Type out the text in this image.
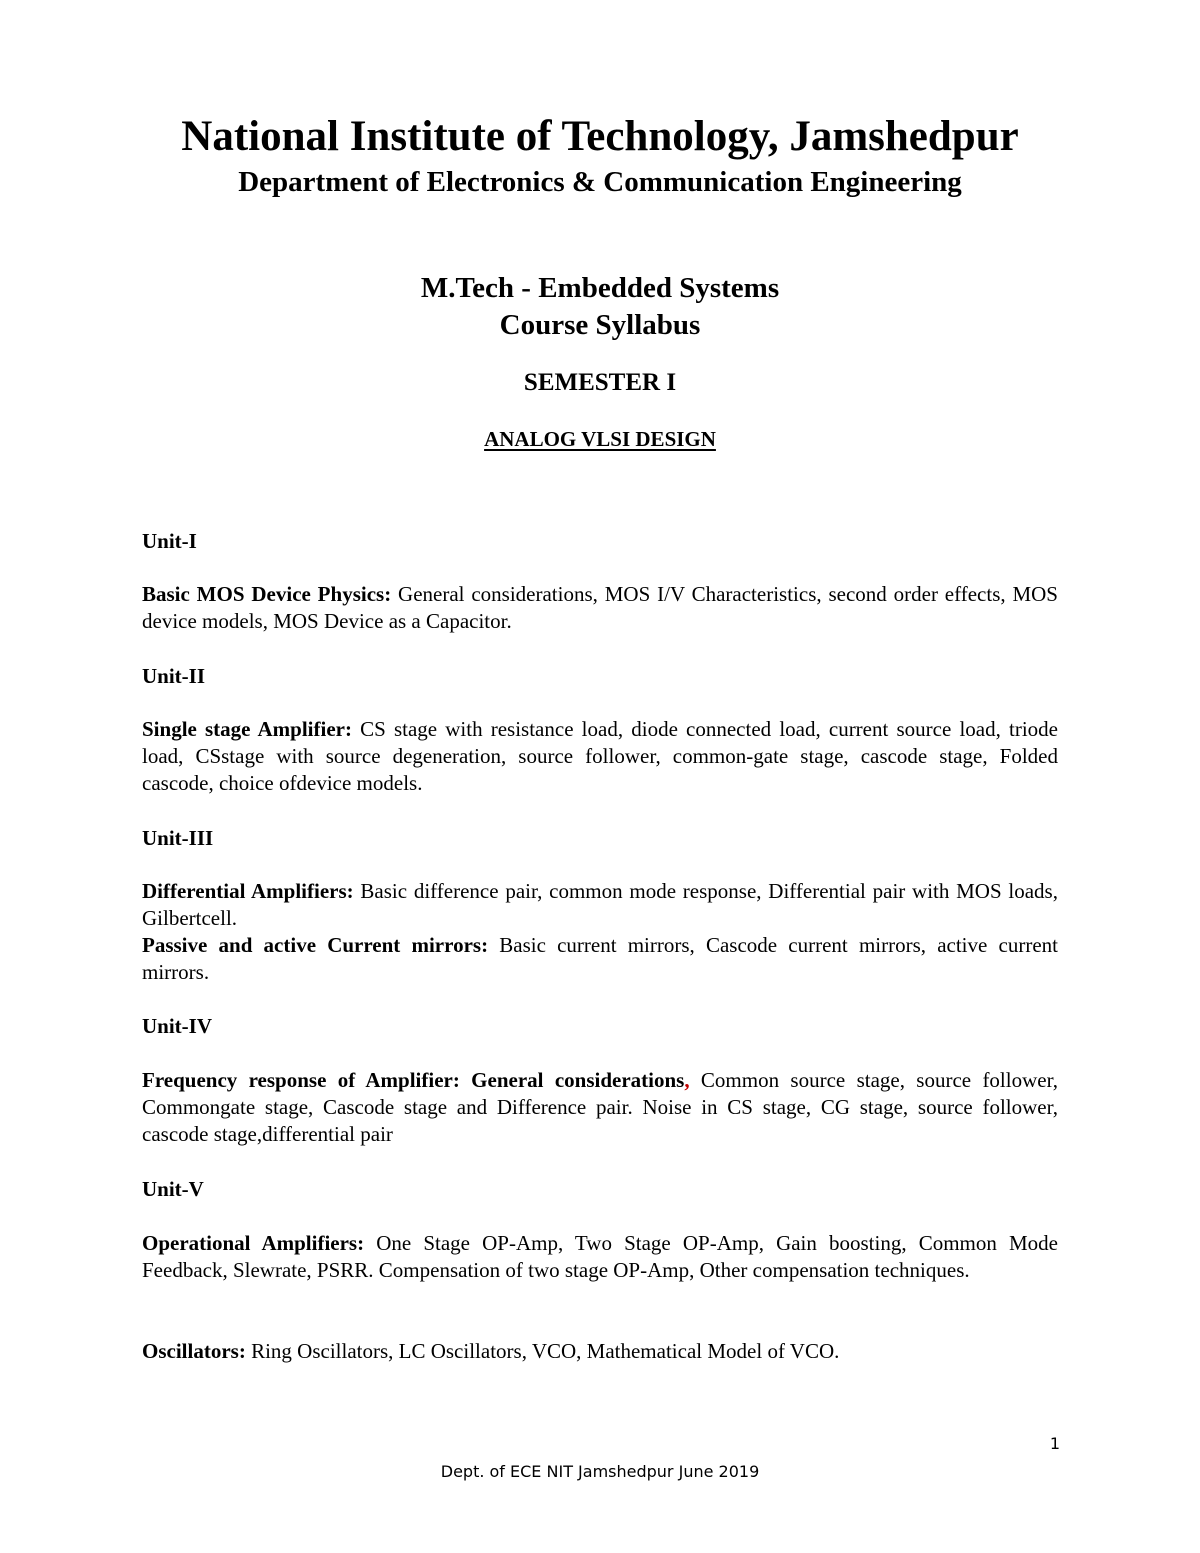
National Institute of Technology, Jamshedpur
Department of Electronics & Communication Engineering
M.Tech - Embedded Systems
Course Syllabus
SEMESTER I
ANALOG VLSI DESIGN
Unit-I

Basic MOS Device Physics: General considerations, MOS I/V Characteristics, second order effects, MOS device models, MOS Device as a Capacitor.

Unit-II

Single stage Amplifier: CS stage with resistance load, diode connected load, current source load, triode load, CSstage with source degeneration, source follower, common-gate stage, cascode stage, Folded cascode, choice ofdevice models.

Unit-III

Differential Amplifiers: Basic difference pair, common mode response, Differential pair with MOS loads, Gilbertcell.

Passive and active Current mirrors: Basic current mirrors, Cascode current mirrors, active current mirrors.

Unit-IV

Frequency response of Amplifier: General considerations, Common source stage, source follower, Commongate stage, Cascode stage and Difference pair. Noise in CS stage, CG stage, source follower, cascode stage,differential pair

Unit-V

Operational Amplifiers: One Stage OP-Amp, Two Stage OP-Amp, Gain boosting, Common Mode Feedback, Slewrate, PSRR. Compensation of two stage OP-Amp, Other compensation techniques.

Oscillators: Ring Oscillators, LC Oscillators, VCO, Mathematical Model of VCO.

1
Dept. of ECE NIT Jamshedpur June 2019
